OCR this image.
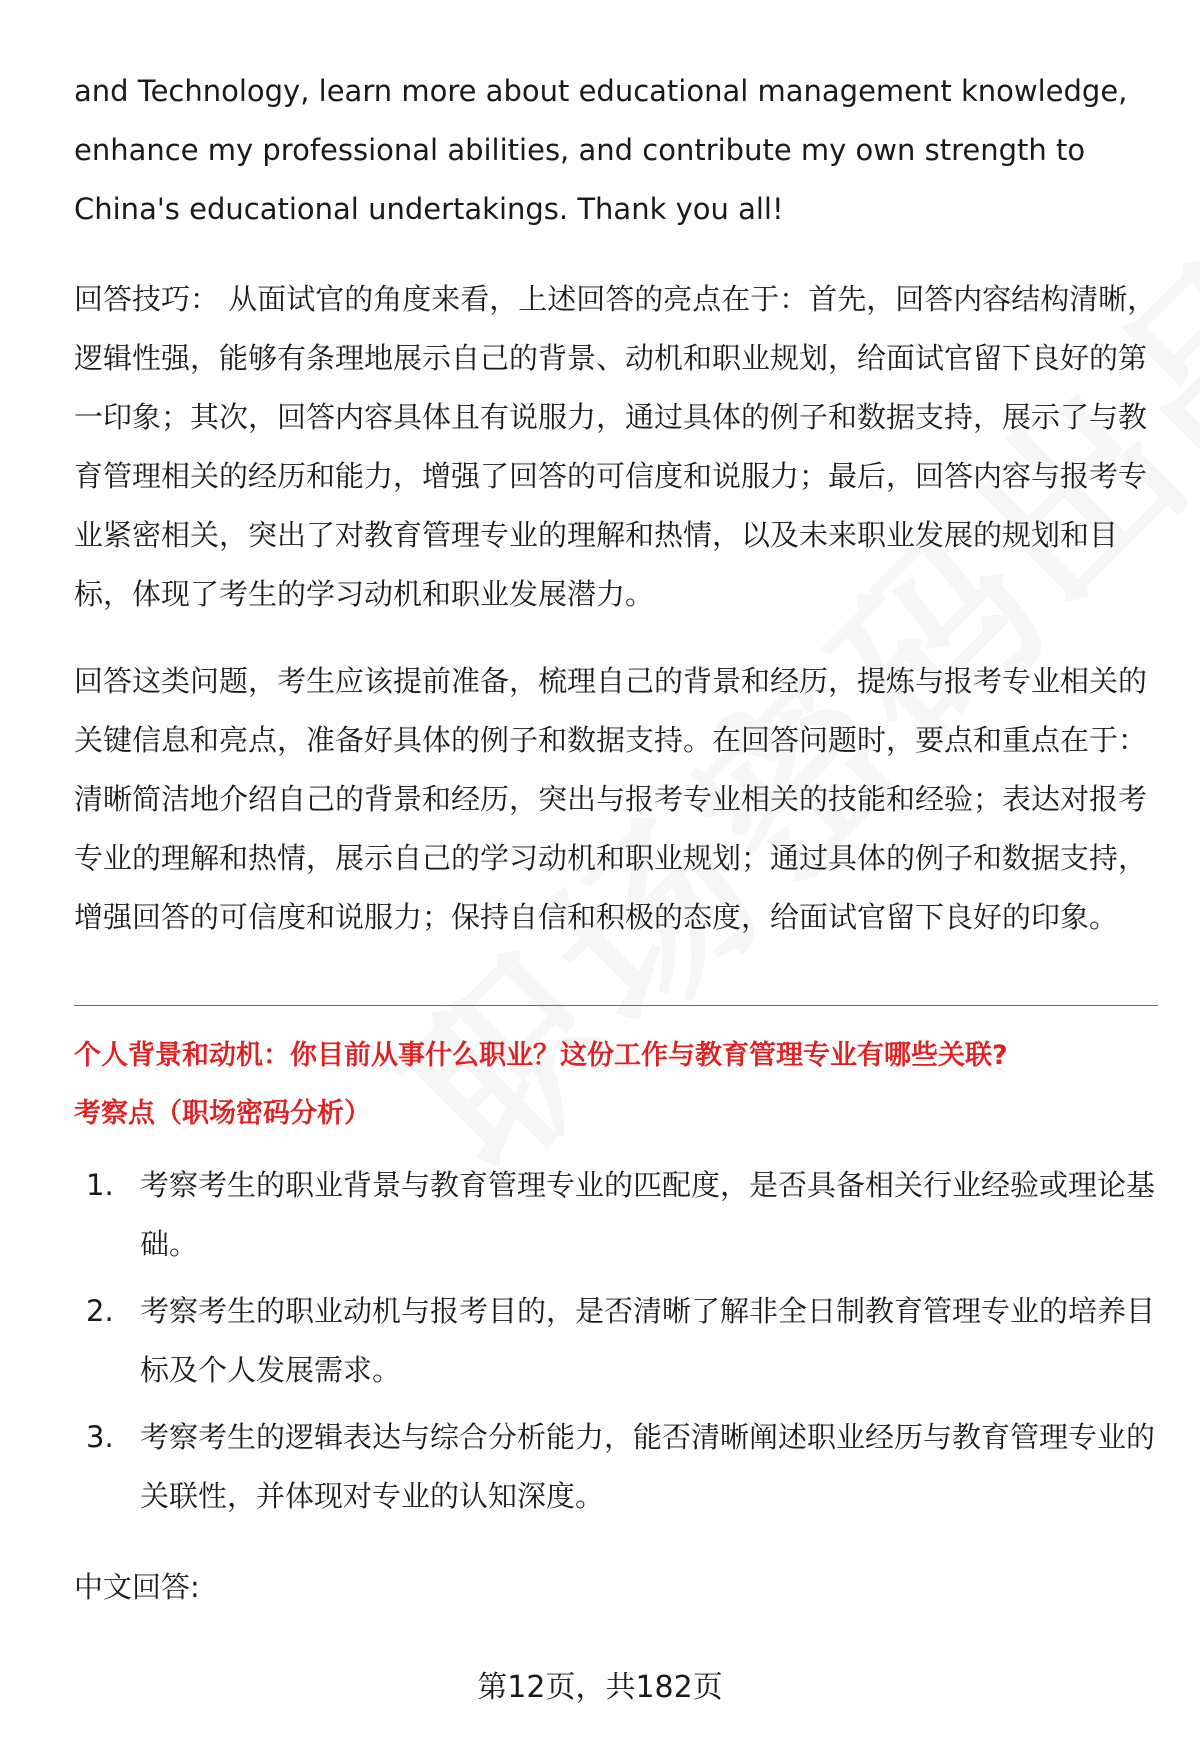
and Technology, learn more about educational management knowledge, enhance my professional abilities, and contribute my own strength to China's educational undertakings. Thank you all!

回答技巧： 从面试官的角度来看，上述回答的亮点在于：首先，回答内容结构清晰，逻辑性强，能够有条理地展示自己的背景、动机和职业规划，给面试官留下良好的第一印象；其次，回答内容具体且有说服力，通过具体的例子和数据支持，展示了与教育管理相关的经历和能力，增强了回答的可信度和说服力；最后，回答内容与报考专业紧密相关，突出了对教育管理专业的理解和热情，以及未来职业发展的规划和目标，体现了考生的学习动机和职业发展潜力。

回答这类问题，考生应该提前准备，梳理自己的背景和经历，提炼与报考专业相关的关键信息和亮点，准备好具体的例子和数据支持。在回答问题时，要点和重点在于：清晰简洁地介绍自己的背景和经历，突出与报考专业相关的技能和经验；表达对报考专业的理解和热情，展示自己的学习动机和职业规划；通过具体的例子和数据支持，增强回答的可信度和说服力；保持自信和积极的态度，给面试官留下良好的印象。

个人背景和动机：你目前从事什么职业？这份工作与教育管理专业有哪些关联?

考察点（职场密码分析）

1. 考察考生的职业背景与教育管理专业的匹配度，是否具备相关行业经验或理论基础。
2. 考察考生的职业动机与报考目的，是否清晰了解非全日制教育管理专业的培养目标及个人发展需求。
3. 考察考生的逻辑表达与综合分析能力，能否清晰阐述职业经历与教育管理专业的关联性，并体现对专业的认知深度。
中文回答:
第12页，共182页
